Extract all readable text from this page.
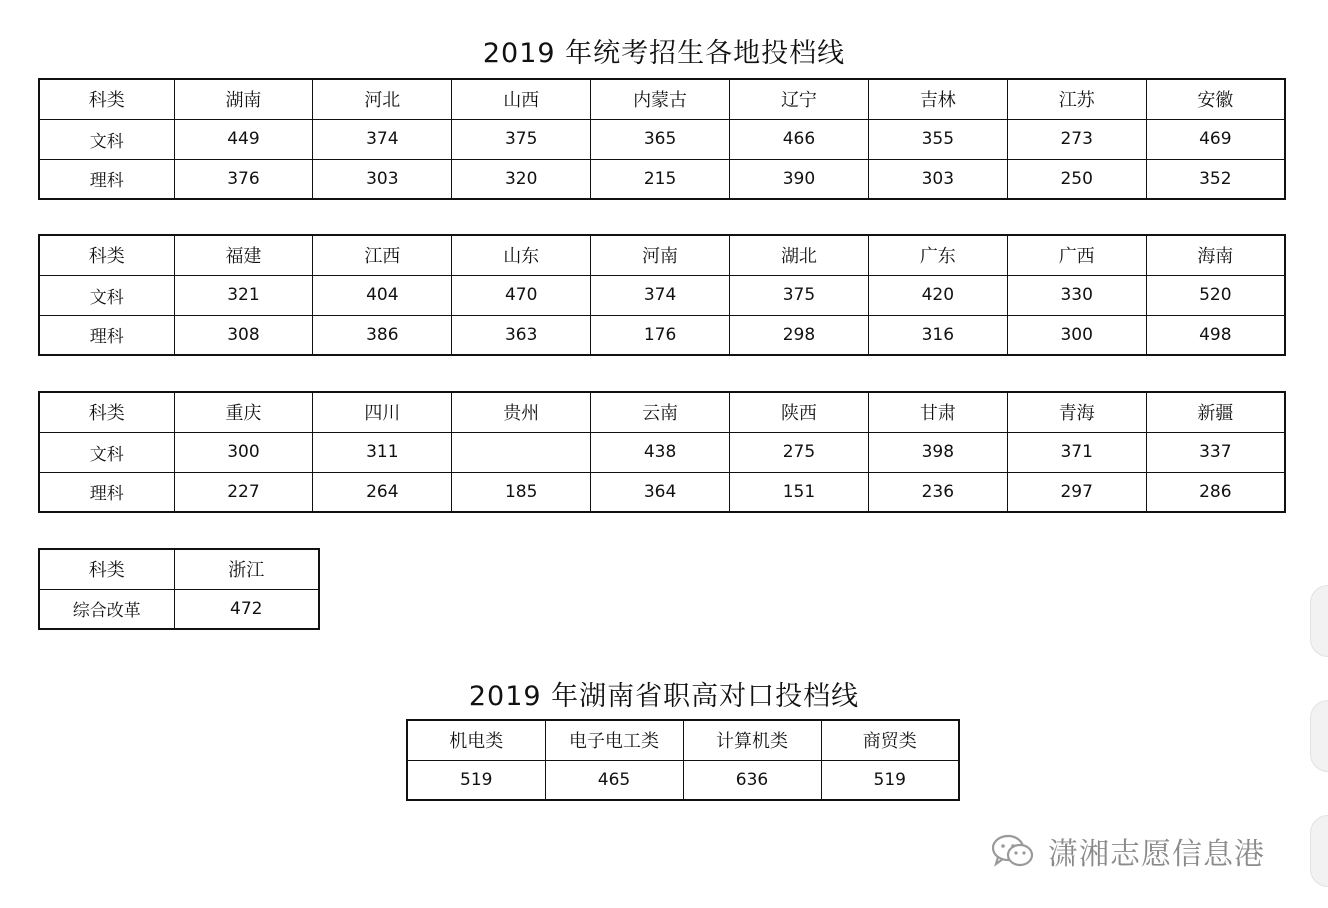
2019 年统考招生各地投档线
科类	湖南	河北	山西	内蒙古	辽宁	吉林	江苏	安徽
文科	449	374	375	365	466	355	273	469
理科	376	303	320	215	390	303	250	352
科类	福建	江西	山东	河南	湖北	广东	广西	海南
文科	321	404	470	374	375	420	330	520
理科	308	386	363	176	298	316	300	498
科类	重庆	四川	贵州	云南	陕西	甘肃	青海	新疆
文科	300	311		438	275	398	371	337
理科	227	264	185	364	151	236	297	286
科类	浙江
综合改革	472
2019 年湖南省职高对口投档线
机电类	电子电工类	计算机类	商贸类
519	465	636	519
潇湘志愿信息港
